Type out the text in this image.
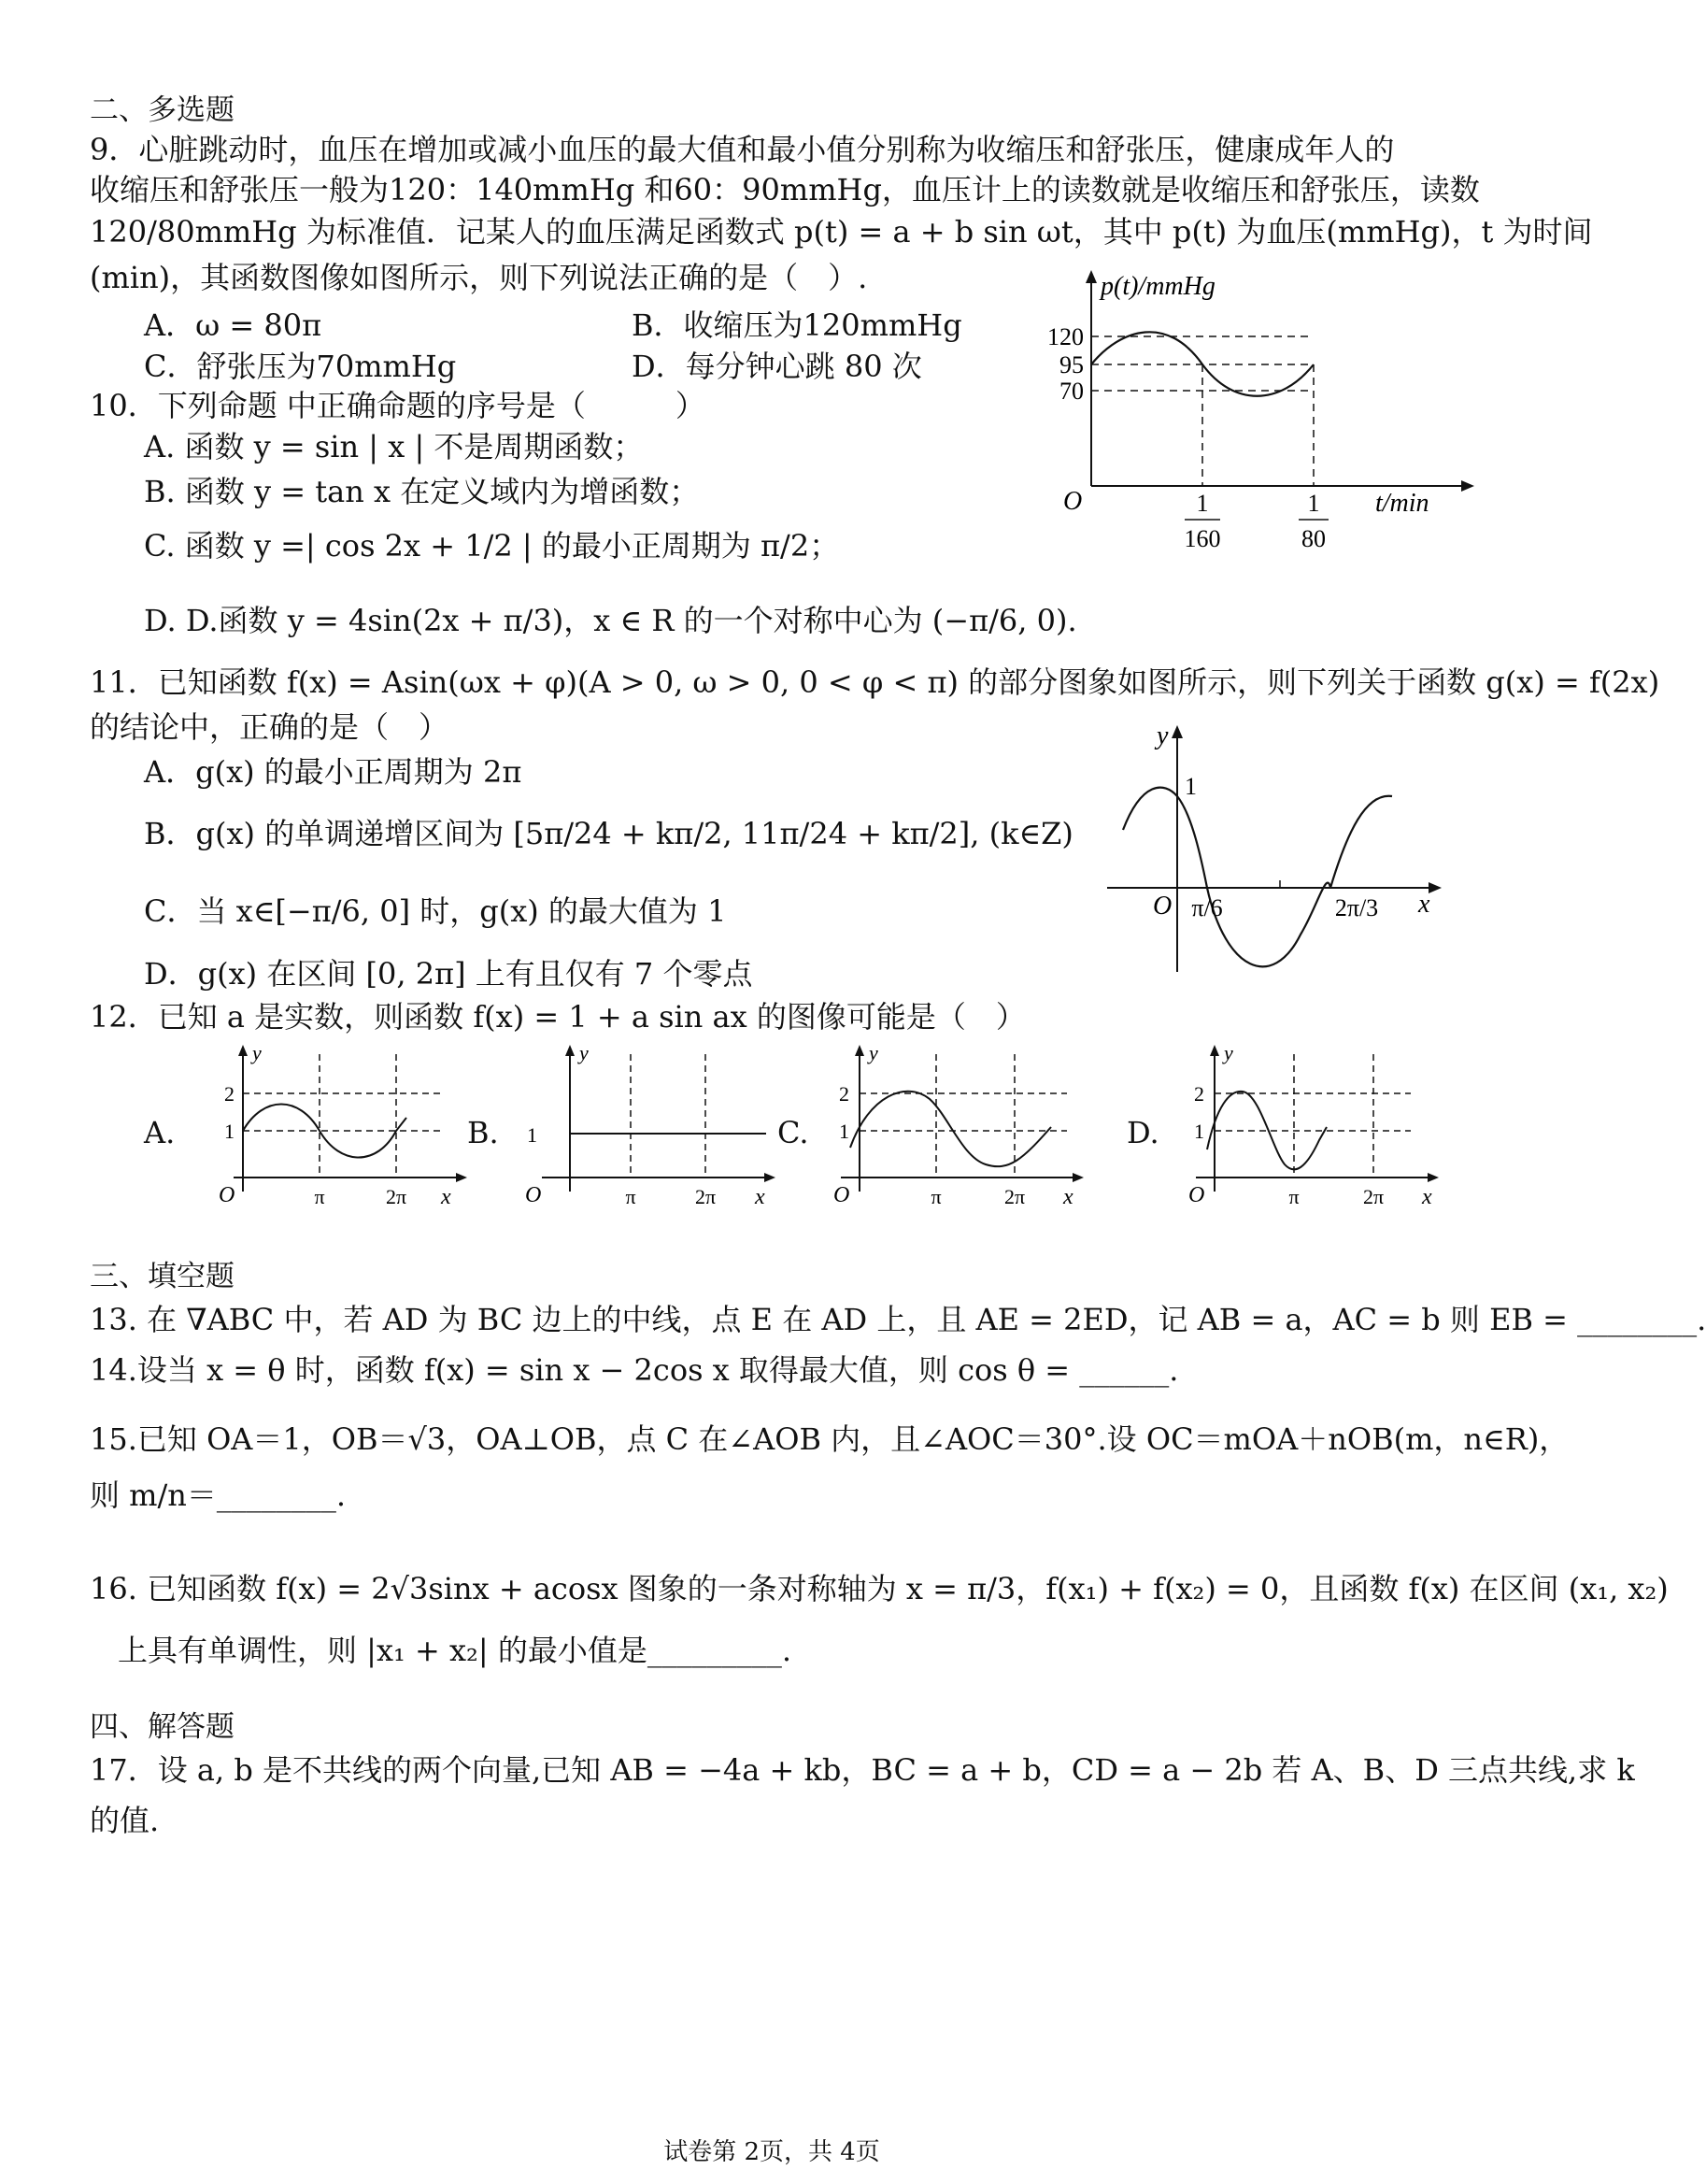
二、多选题
9．心脏跳动时，血压在增加或减小血压的最大值和最小值分别称为收缩压和舒张压，健康成年人的
收缩压和舒张压一般为120：140mmHg 和60：90mmHg，血压计上的读数就是收缩压和舒张压，读数
120/80mmHg 为标准值．记某人的血压满足函数式 p(t) = a + b sin ωt，其中 p(t) 为血压(mmHg)，t 为时间
(min)，其函数图像如图所示，则下列说法正确的是（　）.
A．ω = 80π	B．收缩压为120mmHg
C．舒张压为70mmHg	D．每分钟心跳 80 次
p(t)/mmHg
120
95
70
O	1
160
1
80
t/min
10．下列命题 中正确命题的序号是（　　　）
A. 函数 y = sin | x | 不是周期函数；
B. 函数 y = tan x 在定义域内为增函数；
C. 函数 y =| cos 2x + 1/2 | 的最小正周期为 π/2；
D. D.函数 y = 4sin(2x + π/3)，x ∈ R 的一个对称中心为 (−π/6, 0).
11．已知函数 f(x) = Asin(ωx + φ)(A > 0, ω > 0, 0 < φ < π) 的部分图象如图所示，则下列关于函数 g(x) = f(2x)
的结论中，正确的是（　）
A．g(x) 的最小正周期为 2π
B．g(x) 的单调递增区间为 [5π/24 + kπ/2, 11π/24 + kπ/2], (k∈Z)
C．当 x∈[−π/6, 0] 时，g(x) 的最大值为 1
D．g(x) 在区间 [0, 2π] 上有且仅有 7 个零点
y
1
O π/6	2π/3 x
12．已知 a 是实数，则函数 f(x) = 1 + a sin ax 的图像可能是（　）
A.
y
2
1
O	π	2π x
B.
y
1
O	π	2π x
C.
y
2
1
O	π	2π x
D.
y
2
1
O	π	2π x
三、填空题
13. 在 ∇ABC 中，若 AD 为 BC 边上的中线，点 E 在 AD 上，且 AE = 2ED，记 AB = a，AC = b 则 EB = ________.
14.设当 x = θ 时，函数 f(x) = sin x − 2cos x 取得最大值，则 cos θ = ______.
15.已知 OA＝1，OB＝√3，OA⊥OB，点 C 在∠AOB 内，且∠AOC＝30°.设 OC＝mOA＋nOB(m，n∈R)，
则 m/n＝________.
16. 已知函数 f(x) = 2√3sinx + acosx 图象的一条对称轴为 x = π/3，f(x₁) + f(x₂) = 0，且函数 f(x) 在区间 (x₁, x₂)
上具有单调性，则 |x₁ + x₂| 的最小值是_________.
四、解答题
17．设 a, b 是不共线的两个向量,已知 AB = −4a + kb，BC = a + b，CD = a − 2b 若 A、B、D 三点共线,求 k
的值.
试卷第 2页，共 4页
